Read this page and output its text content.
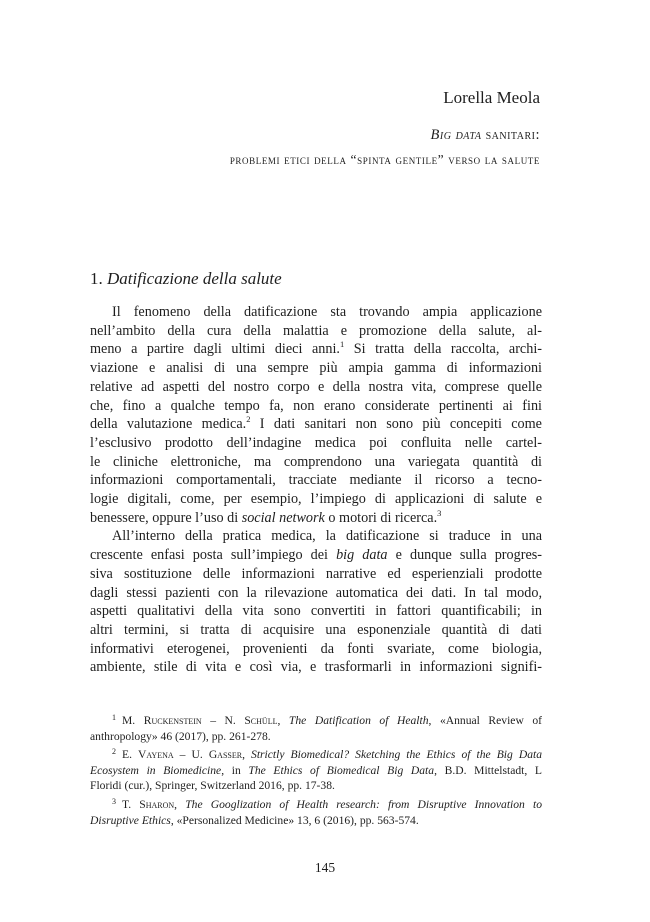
Lorella Meola
Big data sanitari:
problemi etici della “spinta gentile” verso la salute
1. Datificazione della salute
Il fenomeno della datificazione sta trovando ampia applicazione
nell’ambito della cura della malattia e promozione della salute, al-
meno a partire dagli ultimi dieci anni.$^1$ Si tratta della raccolta, archi-
viazione e analisi di una sempre più ampia gamma di informazioni
relative ad aspetti del nostro corpo e della nostra vita, comprese quelle
che, fino a qualche tempo fa, non erano considerate pertinenti ai fini
della valutazione medica.$^2$ I dati sanitari non sono più concepiti come
l’esclusivo prodotto dell’indagine medica poi confluita nelle cartel-
le cliniche elettroniche, ma comprendono una variegata quantità di
informazioni comportamentali, tracciate mediante il ricorso a tecno-
logie digitali, come, per esempio, l’impiego di applicazioni di salute e
benessere, oppure l’uso di social network o motori di ricerca.$^3$
All’interno della pratica medica, la datificazione si traduce in una
crescente enfasi posta sull’impiego dei big data e dunque sulla progres-
siva sostituzione delle informazioni narrative ed esperienziali prodotte
dagli stessi pazienti con la rilevazione automatica dei dati. In tal modo,
aspetti qualitativi della vita sono convertiti in fattori quantificabili; in
altri termini, si tratta di acquisire una esponenziale quantità di dati
informativi eterogenei, provenienti da fonti svariate, come biologia,
ambiente, stile di vita e così via, e trasformarli in informazioni signifi-
$^1$ M. Ruckenstein – N. Schüll, The Datification of Health, «Annual Review of
anthropology» 46 (2017), pp. 261-278.
$^2$ E. Vayena – U. Gasser, Strictly Biomedical? Sketching the Ethics of the Big Data
Ecosystem in Biomedicine, in The Ethics of Biomedical Big Data, B.D. Mittelstadt, L
Floridi (cur.), Springer, Switzerland 2016, pp. 17-38.
$^3$ T. Sharon, The Googlization of Health research: from Disruptive Innovation to
Disruptive Ethics, «Personalized Medicine» 13, 6 (2016), pp. 563-574.
145
